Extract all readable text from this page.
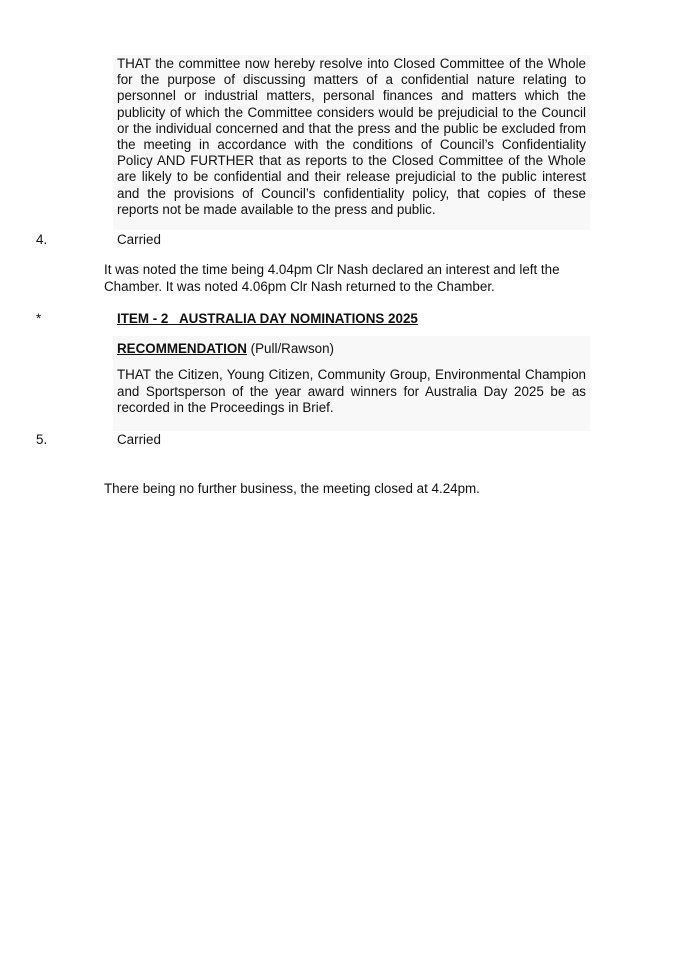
THAT the committee now hereby resolve into Closed Committee of the Whole for the purpose of discussing matters of a confidential nature relating to personnel or industrial matters, personal finances and matters which the publicity of which the Committee considers would be prejudicial to the Council or the individual concerned and that the press and the public be excluded from the meeting in accordance with the conditions of Council’s Confidentiality Policy AND FURTHER that as reports to the Closed Committee of the Whole are likely to be confidential and their release prejudicial to the public interest and the provisions of Council’s confidentiality policy, that copies of these reports not be made available to the press and public.

4.	Carried

It was noted the time being 4.04pm Clr Nash declared an interest and left the Chamber. It was noted 4.06pm Clr Nash returned to the Chamber.

*	ITEM - 2   AUSTRALIA DAY NOMINATIONS 2025

RECOMMENDATION (Pull/Rawson)

THAT the Citizen, Young Citizen, Community Group, Environmental Champion and Sportsperson of the year award winners for Australia Day 2025 be as recorded in the Proceedings in Brief.

5.	Carried

There being no further business, the meeting closed at 4.24pm.
